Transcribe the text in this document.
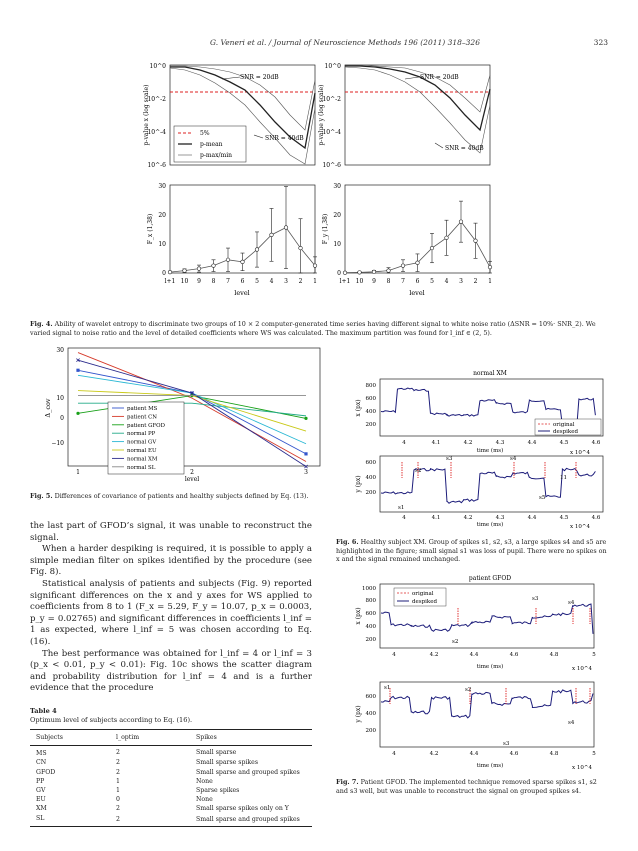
G. Veneri et al. / Journal of Neuroscience Methods 196 (2011) 318–326	323
10^0
10^-2
10^-4
10^-6
p-value x (log scale)
SNR = 20dB
SNR = 40dB
5%
p-mean
p-max/min
30
20
10
0
F_x (1,38)
l+1 10 9 8 7 6 5 4 3 2 1
level
10^0
10^-2
10^-4
10^-6
p-value y (log scale)
SNR = 20dB
SNR = 40dB
30
20
10
0
F_y (1,38)
l+1 10 9 8 7 6 5 4 3 2 1
level
Fig. 4. Ability of wavelet entropy to discriminate two groups of 10 × 2 computer-generated time series having different signal to white noise ratio (ΔSNR = 10%· SNR_2). We varied signal to noise ratio and the level of detailed coefficients where WS was calculated. The maximum partition was found for l_inf ∈ (2, 5).
30
10
0
−10
Δ_cov
1	2	3
level
patient MS
patient CN
patient GFOD
normal PP
normal GV
normal EU
normal XM
normal SL
Fig. 5. Differences of covariance of patients and healthy subjects defined by Eq. (13).

the last part of GFOD’s signal, it was unable to reconstruct the signal.

When a harder despiking is required, it is possible to apply a simple median filter on spikes identified by the procedure (see Fig. 8).

Statistical analysis of patients and subjects (Fig. 9) reported significant differences on the x and y axes for WS applied to coefficients from 8 to 1 (F_x = 5.29, F_y = 10.07, p_x = 0.0003, p_y = 0.02765) and significant differences in coefficients l_inf = 1 as expected, where l_inf = 5 was chosen according to Eq. (16).

The best performance was obtained for l_inf = 4 or l_inf = 3 (p_x < 0.01, p_y < 0.01): Fig. 10c shows the scatter diagram and probability distribution for l_inf = 4 and is a further evidence that the procedure

Table 4
Optimum level of subjects according to Eq. (16).
Subjects	l_optim	Spikes
MS	2	Small sparse
CN	2	Small sparse spikes
GFOD	2	Small sparse and grouped spikes
PP	1	None
GV	1	Sparse spikes
EU	0	None
XM	2	Small sparse spikes only on Y
SL	2	Small sparse and grouped spikes
normal XM
800
600
400
200
x (px)
original
despiked
4	4.1	4.2	4.3	4.4	4.5	4.6
time (ms)	x 10^4
600
400
200
y (px)
s1
s2
s3	s4
s5
11
4	4.1	4.2	4.3	4.4	4.5	4.6
time (ms)	x 10^4
Fig. 6. Healthy subject XM. Group of spikes s1, s2, s3, a large spikes s4 and s5 are highlighted in the figure; small signal s1 was loss of pupil. There were no spikes on x and the signal remained unchanged.
patient GFOD
1000
800
600
400
200
x (px)
original
despiked
s2
s3
s4
4	4.2	4.4	4.6	4.8	5
time (ms)	x 10^4
600
400
200
y (px)
s1	s2
s3
s4
4	4.2	4.4	4.6	4.8	5
time (ms)	x 10^4
Fig. 7. Patient GFOD. The implemented technique removed sparse spikes s1, s2 and s3 well, but was unable to reconstruct the signal on grouped spikes s4.
